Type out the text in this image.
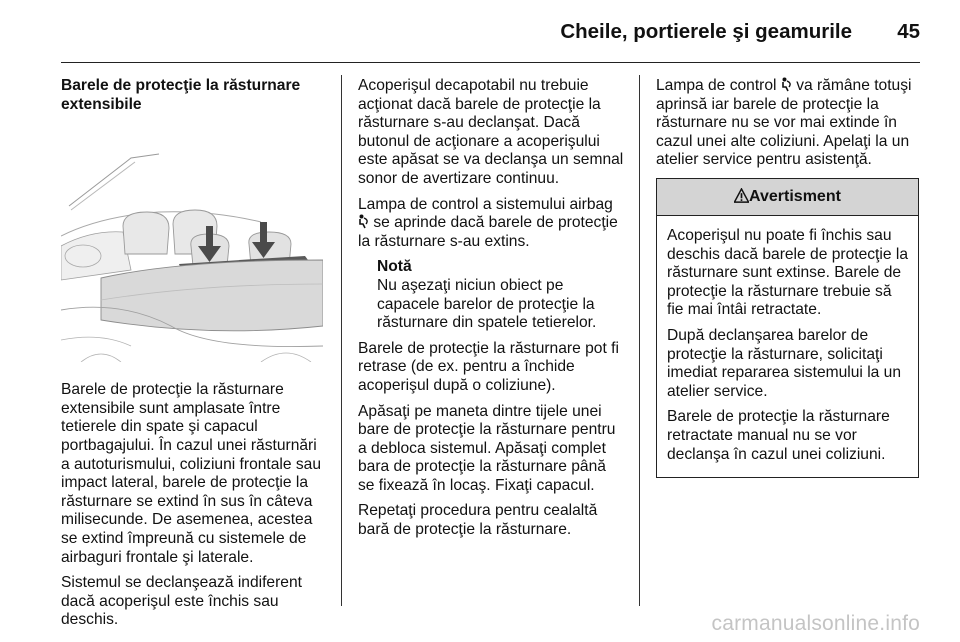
Cheile, portierele şi geamurile 45

Barele de protecţie la răsturnare extensibile

Barele de protecţie la răsturnare extensibile sunt amplasate între tetierele din spate şi capacul portbagajului. În cazul unei răsturnări a autoturismului, coliziuni frontale sau impact lateral, barele de protecţie la răsturnare se extind în sus în câteva milisecunde. De asemenea, acestea se extind împreună cu sistemele de airbaguri frontale şi laterale.

Sistemul se declanşează indiferent dacă acoperişul este închis sau deschis.

Acoperişul decapotabil nu trebuie acţionat dacă barele de protecţie la răsturnare s-au declanşat. Dacă butonul de acţionare a acoperişului este apăsat se va declanşa un semnal sonor de avertizare continuu.

Lampa de control a sistemului airbag
se aprinde dacă barele de protecţie la răsturnare s-au extins.

Notă
Nu aşezaţi niciun obiect pe capacele barelor de protecţie la răsturnare din spatele tetierelor.

Barele de protecţie la răsturnare pot fi retrase (de ex. pentru a închide acoperişul după o coliziune).

Apăsaţi pe maneta dintre tijele unei bare de protecţie la răsturnare pentru a debloca sistemul. Apăsaţi complet bara de protecţie la răsturnare până se fixează în locaş. Fixaţi capacul.

Repetaţi procedura pentru cealaltă bară de protecţie la răsturnare.

Lampa de control va rămâne totuşi aprinsă iar barele de protecţie la răsturnare nu se vor mai extinde în cazul unei alte coliziuni. Apelaţi la un atelier service pentru asistenţă.

Avertisment

Acoperişul nu poate fi închis sau deschis dacă barele de protecţie la răsturnare sunt extinse. Barele de protecţie la răsturnare trebuie să fie mai întâi retractate.

După declanşarea barelor de protecţie la răsturnare, solicitaţi imediat repararea sistemului la un atelier service.

Barele de protecţie la răsturnare retractate manual nu se vor declanşa în cazul unei coliziuni.

carmanualsonline.info
